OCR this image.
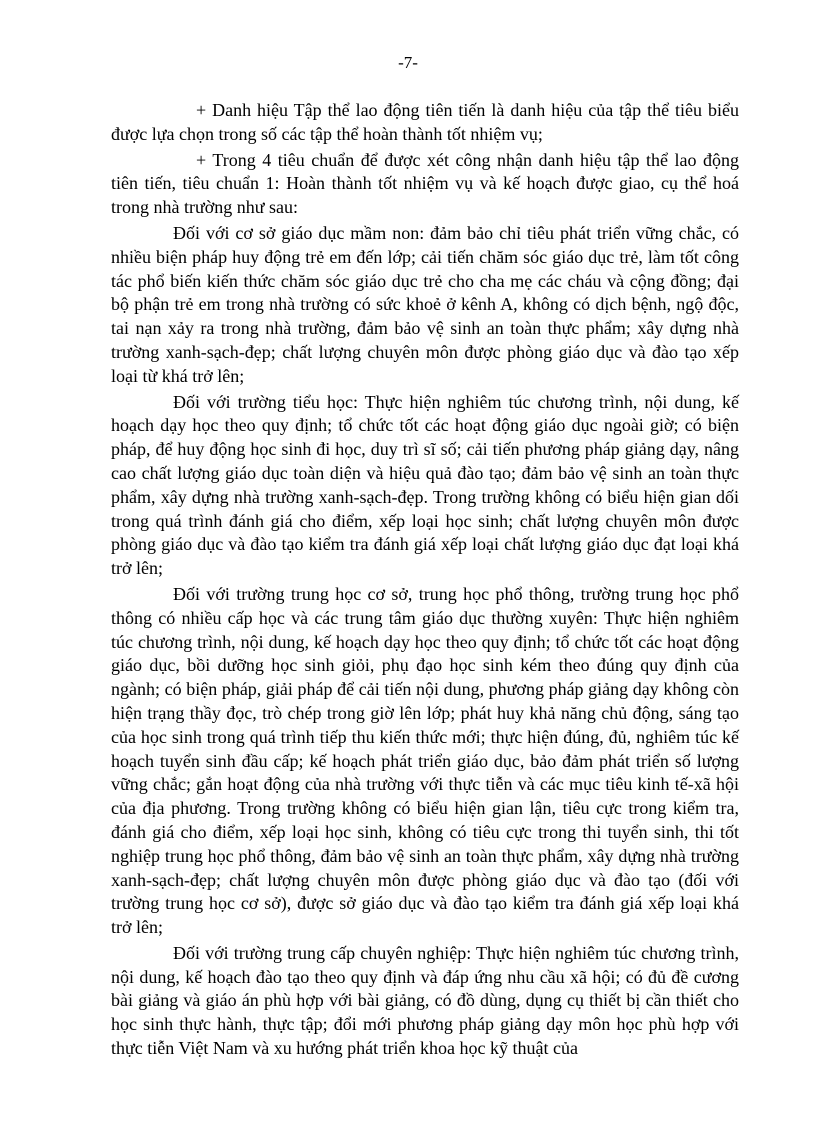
-7-

+ Danh hiệu Tập thể lao động tiên tiến là danh hiệu của tập thể tiêu biểu được lựa chọn trong số các tập thể hoàn thành tốt nhiệm vụ;

+ Trong 4 tiêu chuẩn để được xét công nhận danh hiệu tập thể lao động tiên tiến, tiêu chuẩn 1: Hoàn thành tốt nhiệm vụ và kế hoạch được giao, cụ thể hoá trong nhà trường như sau:

Đối với cơ sở giáo dục mầm non: đảm bảo chỉ tiêu phát triển vững chắc, có nhiều biện pháp huy động trẻ em đến lớp; cải tiến chăm sóc giáo dục trẻ, làm tốt công tác phổ biến kiến thức chăm sóc giáo dục trẻ cho cha mẹ các cháu và cộng đồng; đại bộ phận trẻ em trong nhà trường có sức khoẻ ở kênh A, không có dịch bệnh, ngộ độc, tai nạn xảy ra trong nhà trường, đảm bảo vệ sinh an toàn thực phẩm; xây dựng nhà trường xanh-sạch-đẹp; chất lượng chuyên môn được phòng giáo dục và đào tạo xếp loại từ khá trở lên;

Đối với trường tiểu học: Thực hiện nghiêm túc chương trình, nội dung, kế hoạch dạy học theo quy định; tổ chức tốt các hoạt động giáo dục ngoài giờ; có biện pháp, để huy động học sinh đi học, duy trì sĩ số; cải tiến phương pháp giảng dạy, nâng cao chất lượng giáo dục toàn diện và hiệu quả đào tạo; đảm bảo vệ sinh an toàn thực phẩm, xây dựng nhà trường xanh-sạch-đẹp. Trong trường không có biểu hiện gian dối trong quá trình đánh giá cho điểm, xếp loại học sinh; chất lượng chuyên môn được phòng giáo dục và đào tạo kiểm tra đánh giá xếp loại chất lượng giáo dục đạt loại khá trở lên;

Đối với trường trung học cơ sở, trung học phổ thông, trường trung học phổ thông có nhiều cấp học và các trung tâm giáo dục thường xuyên: Thực hiện nghiêm túc chương trình, nội dung, kế hoạch dạy học theo quy định; tổ chức tốt các hoạt động giáo dục, bồi dưỡng học sinh giỏi, phụ đạo học sinh kém theo đúng quy định của ngành; có biện pháp, giải pháp để cải tiến nội dung, phương pháp giảng dạy không còn hiện trạng thầy đọc, trò chép trong giờ lên lớp; phát huy khả năng chủ động, sáng tạo của học sinh trong quá trình tiếp thu kiến thức mới; thực hiện đúng, đủ, nghiêm túc kế hoạch tuyển sinh đầu cấp; kế hoạch phát triển giáo dục, bảo đảm phát triển số lượng vững chắc; gắn hoạt động của nhà trường với thực tiễn và các mục tiêu kinh tế-xã hội của địa phương. Trong trường không có biểu hiện gian lận, tiêu cực trong kiểm tra, đánh giá cho điểm, xếp loại học sinh, không có tiêu cực trong thi tuyển sinh, thi tốt nghiệp trung học phổ thông, đảm bảo vệ sinh an toàn thực phẩm, xây dựng nhà trường xanh-sạch-đẹp; chất lượng chuyên môn được phòng giáo dục và đào tạo (đối với trường trung học cơ sở), được sở giáo dục và đào tạo kiểm tra đánh giá xếp loại khá trở lên;

Đối với trường trung cấp chuyên nghiệp: Thực hiện nghiêm túc chương trình, nội dung, kế hoạch đào tạo theo quy định và đáp ứng nhu cầu xã hội; có đủ đề cương bài giảng và giáo án phù hợp với bài giảng, có đồ dùng, dụng cụ thiết bị cần thiết cho học sinh thực hành, thực tập; đổi mới phương pháp giảng dạy môn học phù hợp với thực tiễn Việt Nam và xu hướng phát triển khoa học kỹ thuật của
